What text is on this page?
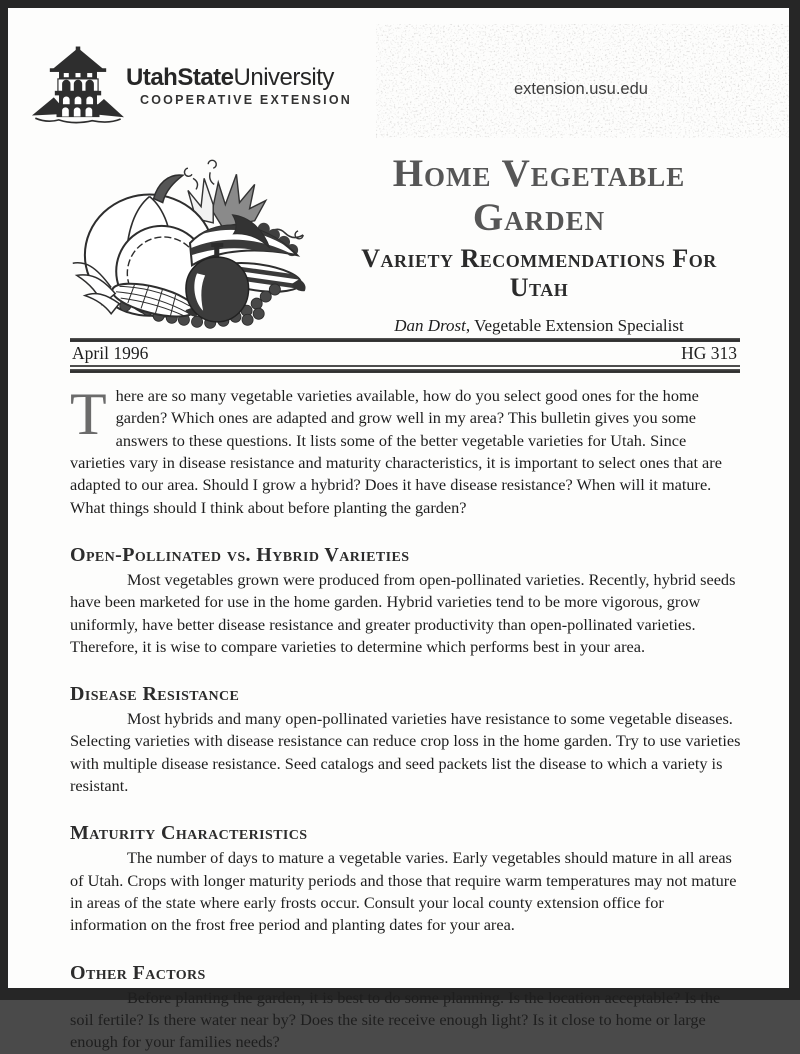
UtahStateUniversity
COOPERATIVE EXTENSION
extension.usu.edu
Home Vegetable
Garden
Variety Recommendations For
Utah

Dan Drost, Vegetable Extension Specialist

April 1996	HG 313

There are so many vegetable varieties available, how do you select good ones for the home garden? Which ones are adapted and grow well in my area? This bulletin gives you some answers to these questions. It lists some of the better vegetable varieties for Utah. Since varieties vary in disease resistance and maturity characteristics, it is important to select ones that are adapted to our area. Should I grow a hybrid? Does it have disease resistance? When will it mature. What things should I think about before planting the garden?

Open-Pollinated vs. Hybrid Varieties

Most vegetables grown were produced from open-pollinated varieties. Recently, hybrid seeds have been marketed for use in the home garden. Hybrid varieties tend to be more vigorous, grow uniformly, have better disease resistance and greater productivity than open-pollinated varieties. Therefore, it is wise to compare varieties to determine which performs best in your area.

Disease Resistance

Most hybrids and many open-pollinated varieties have resistance to some vegetable diseases. Selecting varieties with disease resistance can reduce crop loss in the home garden. Try to use varieties with multiple disease resistance. Seed catalogs and seed packets list the disease to which a variety is resistant.

Maturity Characteristics

The number of days to mature a vegetable varies. Early vegetables should mature in all areas of Utah. Crops with longer maturity periods and those that require warm temperatures may not mature in areas of the state where early frosts occur. Consult your local county extension office for information on the frost free period and planting dates for your area.

Other Factors

Before planting the garden, it is best to do some planning. Is the location acceptable? Is the soil fertile? Is there water near by? Does the site receive enough light? Is it close to home or large enough for your families needs?
